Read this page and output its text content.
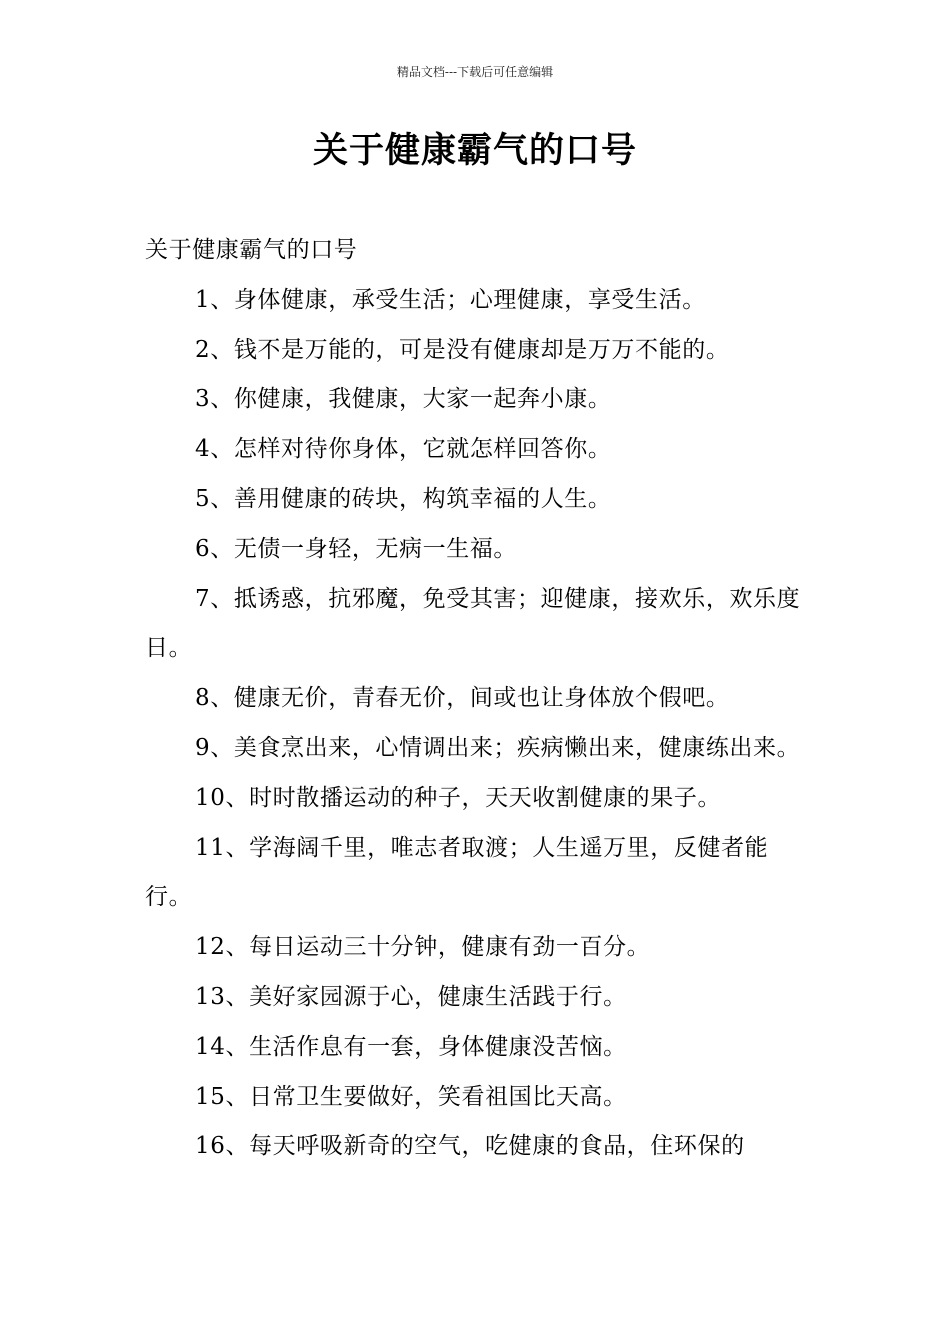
精品文档---下载后可任意编辑
关于健康霸气的口号

关于健康霸气的口号

1、身体健康，承受生活；心理健康，享受生活。

2、钱不是万能的，可是没有健康却是万万不能的。

3、你健康，我健康，大家一起奔小康。

4、怎样对待你身体，它就怎样回答你。

5、善用健康的砖块，构筑幸福的人生。

6、无债一身轻，无病一生福。

7、抵诱惑，抗邪魔，免受其害；迎健康，接欢乐，欢乐度日。

8、健康无价，青春无价，间或也让身体放个假吧。

9、美食烹出来，心情调出来；疾病懒出来，健康练出来。

10、时时散播运动的种子，天天收割健康的果子。

11、学海阔千里，唯志者取渡；人生遥万里，反健者能行。

12、每日运动三十分钟，健康有劲一百分。

13、美好家园源于心，健康生活践于行。

14、生活作息有一套，身体健康没苦恼。

15、日常卫生要做好，笑看祖国比天高。

16、每天呼吸新奇的空气，吃健康的食品，住环保的
